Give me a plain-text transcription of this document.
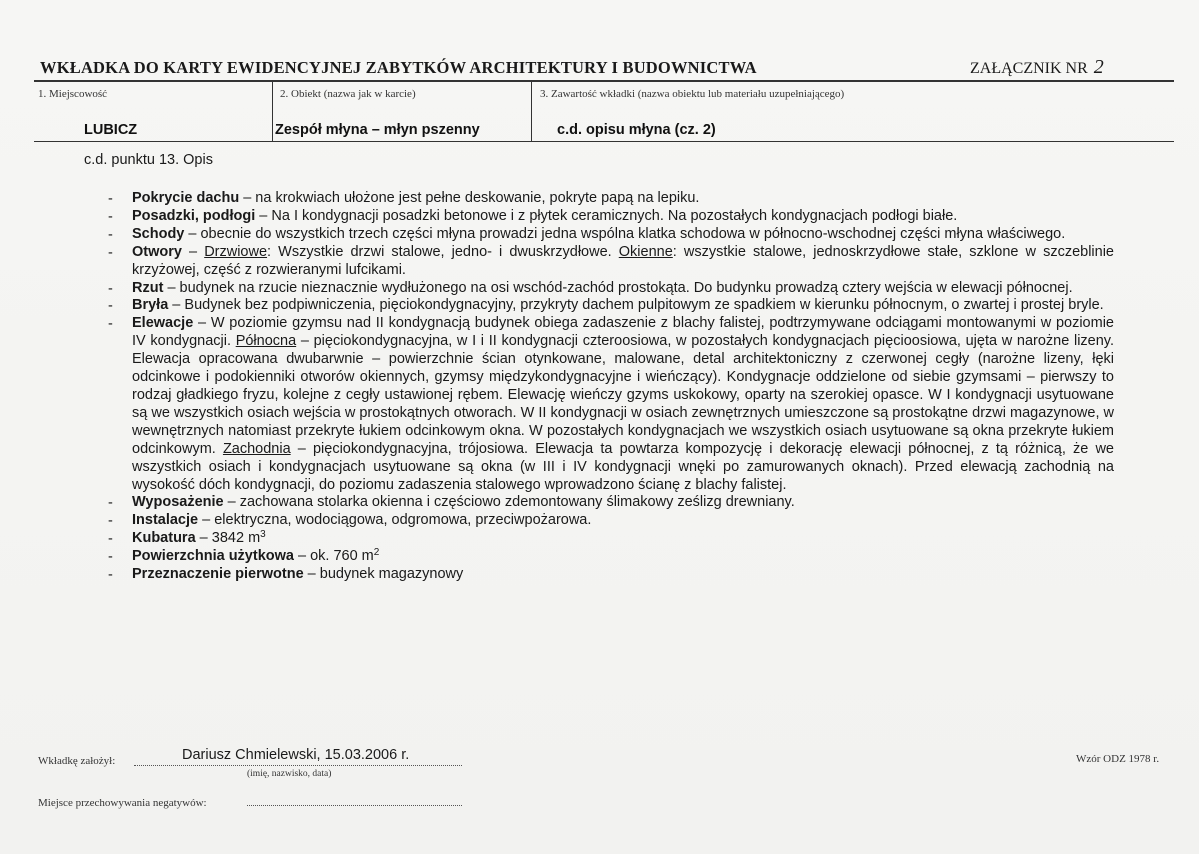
WKŁADKA DO KARTY EWIDENCYJNEJ ZABYTKÓW ARCHITEKTURY I BUDOWNICTWA	ZAŁĄCZNIK NR 2
1. Miejscowość
LUBICZ
2. Obiekt (nazwa jak w karcie)
Zespół młyna – młyn pszenny
3. Zawartość wkładki (nazwa obiektu lub materiału uzupełniającego)
c.d. opisu młyna (cz. 2)
c.d. punktu 13. Opis

- Pokrycie dachu – na krokwiach ułożone jest pełne deskowanie, pokryte papą na lepiku.

- Posadzki, podłogi – Na I kondygnacji posadzki betonowe i z płytek ceramicznych. Na pozostałych kondygnacjach podłogi białe.

- Schody – obecnie do wszystkich trzech części młyna prowadzi jedna wspólna klatka schodowa w północno-wschodnej części młyna właściwego.

- Otwory – Drzwiowe: Wszystkie drzwi stalowe, jedno- i dwuskrzydłowe. Okienne: wszystkie stalowe, jednoskrzydłowe stałe, szklone w szczeblinie krzyżowej, część z rozwieranymi lufcikami.

- Rzut – budynek na rzucie nieznacznie wydłużonego na osi wschód-zachód prostokąta. Do budynku prowadzą cztery wejścia w elewacji północnej.

- Bryła – Budynek bez podpiwniczenia, pięciokondygnacyjny, przykryty dachem pulpitowym ze spadkiem w kierunku północnym, o zwartej i prostej bryle.

- Elewacje – W poziomie gzymsu nad II kondygnacją budynek obiega zadaszenie z blachy falistej, podtrzymywane odciągami montowanymi w poziomie IV kondygnacji. Północna – pięciokondygnacyjna, w I i II kondygnacji czteroosiowa, w pozostałych kondygnacjach pięcioosiowa, ujęta w narożne lizeny. Elewacja opracowana dwubarwnie – powierzchnie ścian otynkowane, malowane, detal architektoniczny z czerwonej cegły (narożne lizeny, łęki odcinkowe i podokienniki otworów okiennych, gzymsy międzykondygnacyjne i wieńczący). Kondygnacje oddzielone od siebie gzymsami – pierwszy to rodzaj gładkiego fryzu, kolejne z cegły ustawionej rębem. Elewację wieńczy gzyms uskokowy, oparty na szerokiej opasce. W I kondygnacji usytuowane są we wszystkich osiach wejścia w prostokątnych otworach. W II kondygnacji w osiach zewnętrznych umieszczone są prostokątne drzwi magazynowe, w wewnętrznych natomiast przekryte łukiem odcinkowym okna. W pozostałych kondygnacjach we wszystkich osiach usytuowane są okna przekryte łukiem odcinkowym. Zachodnia – pięciokondygnacyjna, trójosiowa. Elewacja ta powtarza kompozycję i dekorację elewacji północnej, z tą różnicą, że we wszystkich osiach i kondygnacjach usytuowane są okna (w III i IV kondygnacji wnęki po zamurowanych oknach). Przed elewacją zachodnią na wysokość dóch kondygnacji, do poziomu zadaszenia stalowego wprowadzono ścianę z blachy falistej.

- Wyposażenie – zachowana stolarka okienna i częściowo zdemontowany ślimakowy ześlizg drewniany.

- Instalacje – elektryczna, wodociągowa, odgromowa, przeciwpożarowa.

- Kubatura – 3842 $m^3$

- Powierzchnia użytkowa – ok. 760 $m^2$

- Przeznaczenie pierwotne – budynek magazynowy

Wkładkę założył:	Dariusz Chmielewski, 15.03.2006 r.
(imię, nazwisko, data)
Wzór ODZ 1978 r.
Miejsce przechowywania negatywów:
